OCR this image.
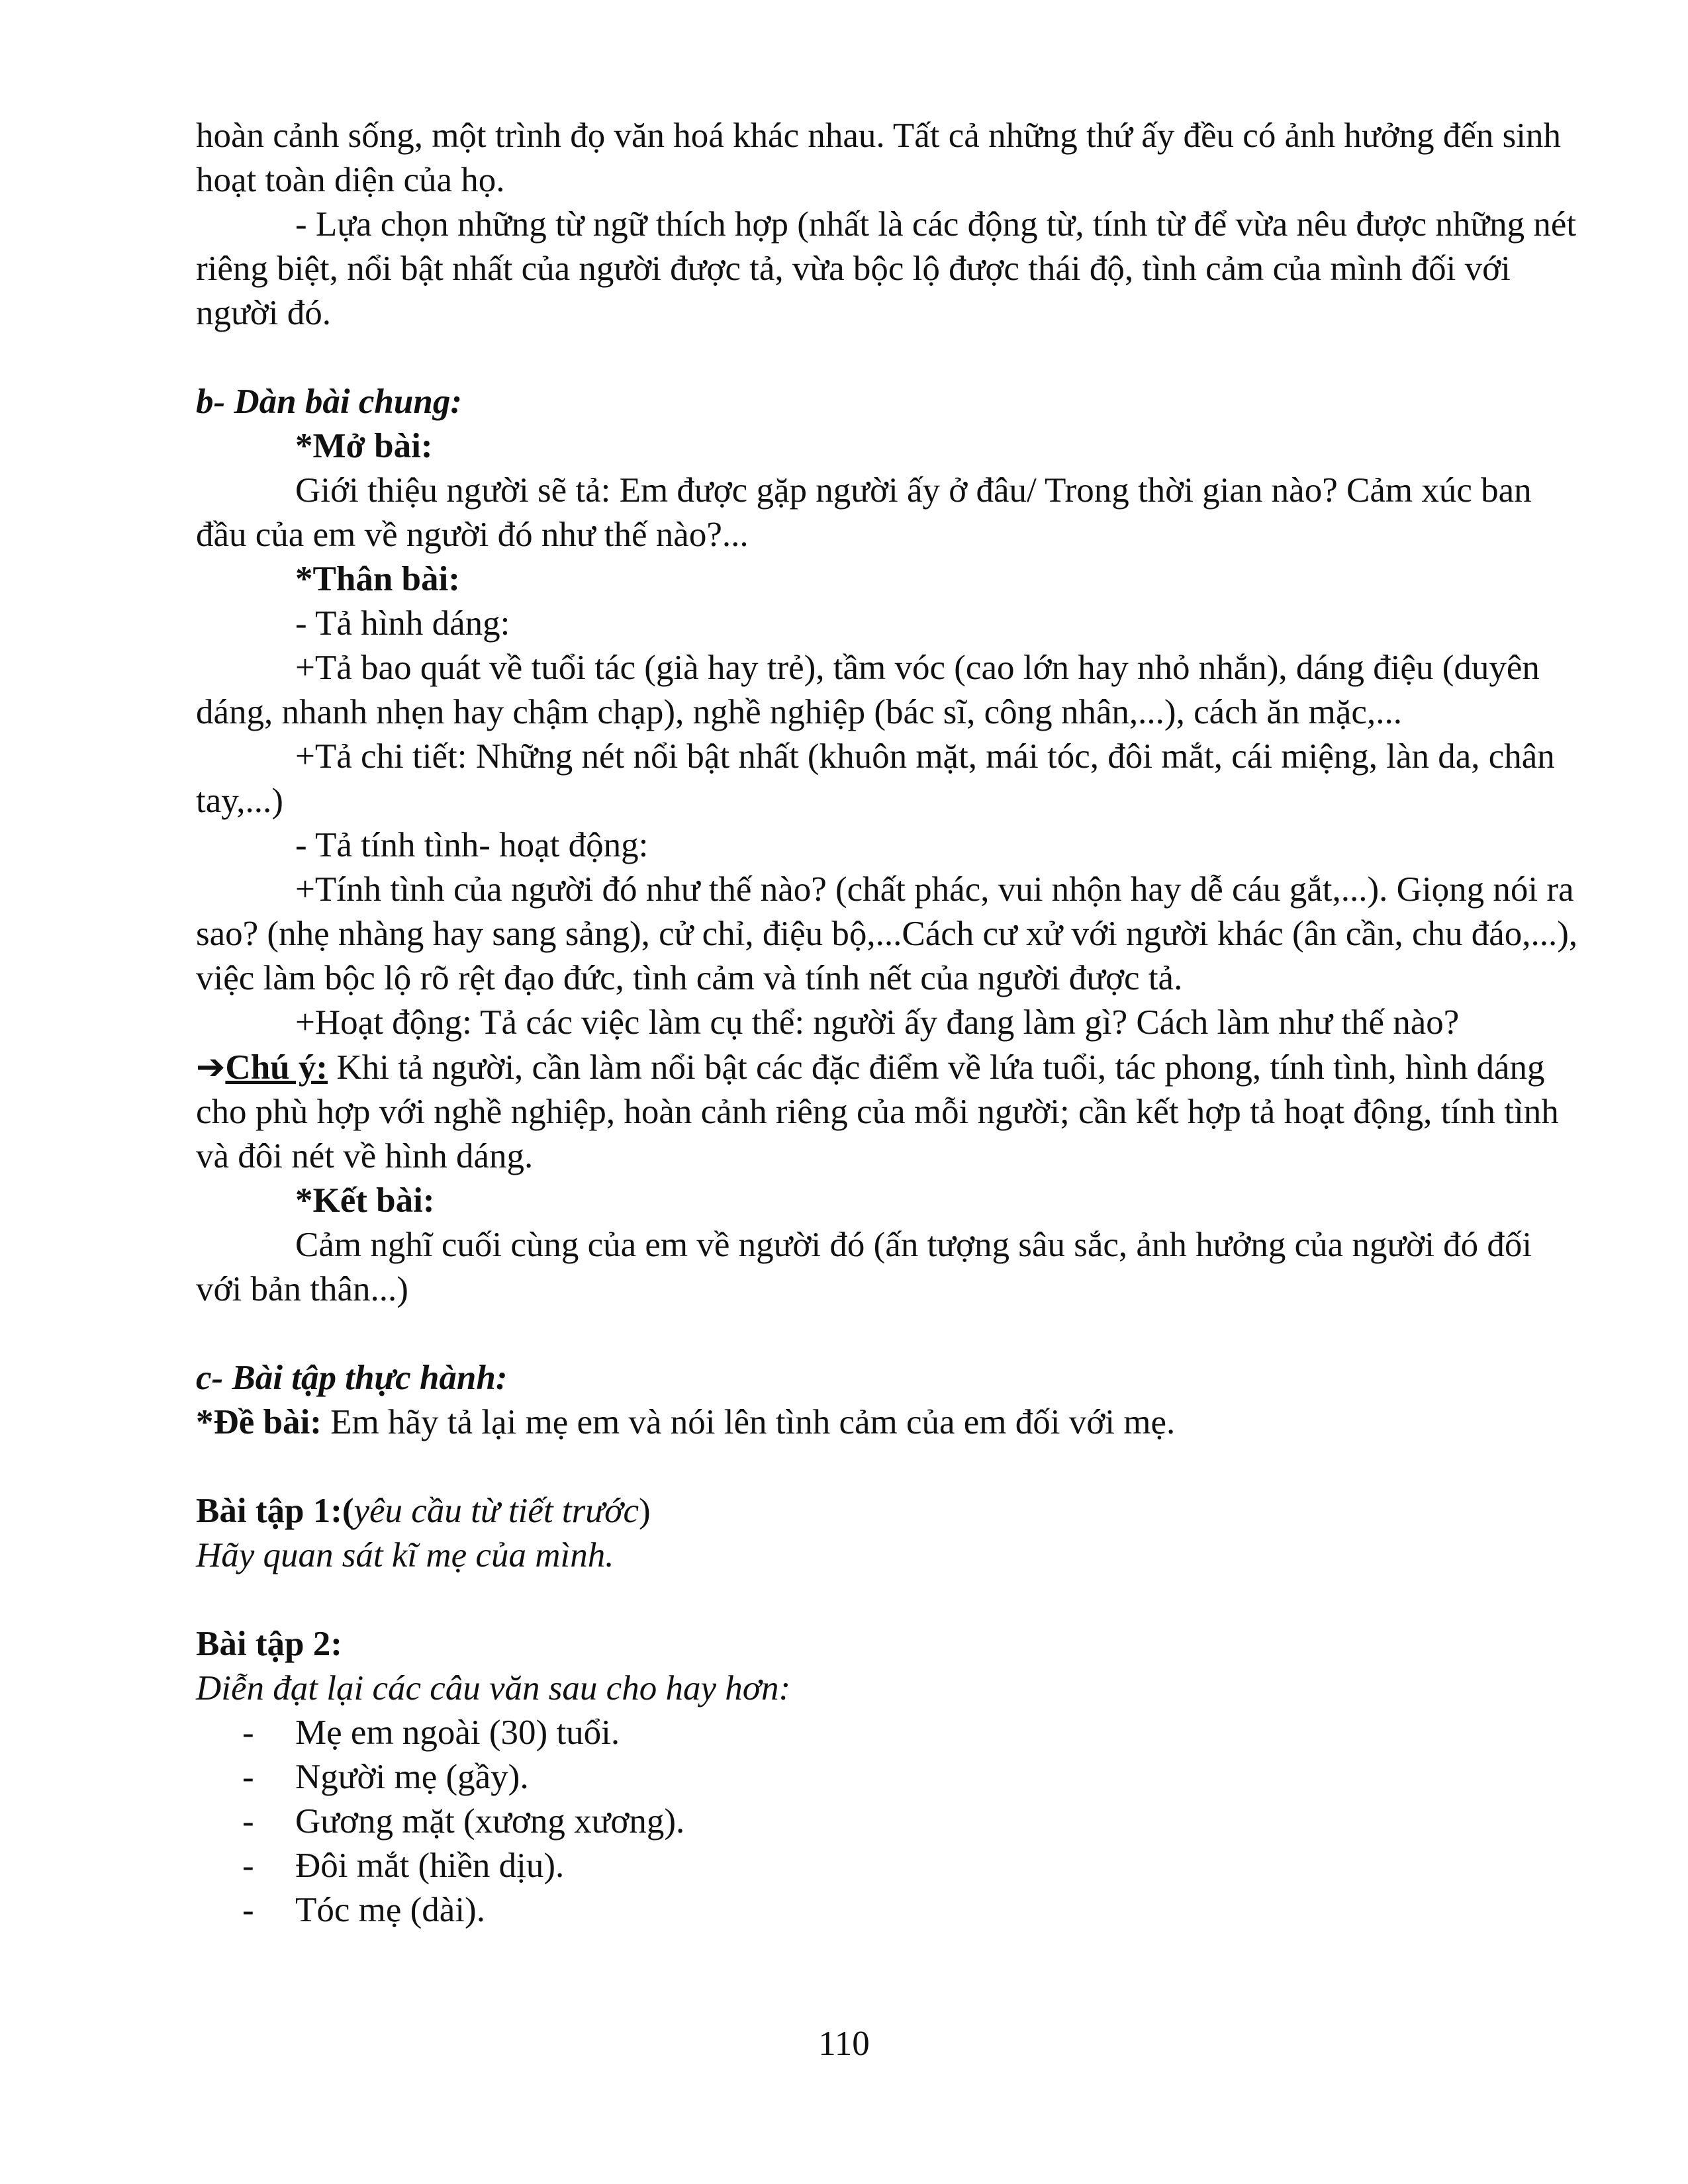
hoàn cảnh sống, một trình đọ văn hoá khác nhau. Tất cả những thứ ấy đều có ảnh hưởng đến sinh hoạt toàn diện của họ.

- Lựa chọn những từ ngữ thích hợp (nhất là các động từ, tính từ để vừa nêu được những nét riêng biệt, nổi bật nhất của người được tả, vừa bộc lộ được thái độ, tình cảm của mình đối với người đó.

b- Dàn bài chung:

*Mở bài:

Giới thiệu người sẽ tả: Em được gặp người ấy ở đâu/ Trong thời gian nào? Cảm xúc ban đầu của em về người đó như thế nào?...

*Thân bài:

- Tả hình dáng:

+Tả bao quát về tuổi tác (già hay trẻ), tầm vóc (cao lớn hay nhỏ nhắn), dáng điệu (duyên dáng, nhanh nhẹn hay chậm chạp), nghề nghiệp (bác sĩ, công nhân,...), cách ăn mặc,...

+Tả chi tiết: Những nét nổi bật nhất (khuôn mặt, mái tóc, đôi mắt, cái miệng, làn da, chân tay,...)

- Tả tính tình- hoạt động:

+Tính tình của người đó như thế nào? (chất phác, vui nhộn hay dễ cáu gắt,...). Giọng nói ra sao? (nhẹ nhàng hay sang sảng), cử chỉ, điệu bộ,...Cách cư xử với người khác (ân cần, chu đáo,...), việc làm bộc lộ rõ rệt đạo đức, tình cảm và tính nết của người được tả.

+Hoạt động: Tả các việc làm cụ thể: người ấy đang làm gì? Cách làm như thế nào?

➔Chú ý: Khi tả người, cần làm nổi bật các đặc điểm về lứa tuổi, tác phong, tính tình, hình dáng cho phù hợp với nghề nghiệp, hoàn cảnh riêng của mỗi người; cần kết hợp tả hoạt động, tính tình và đôi nét về hình dáng.

*Kết bài:

Cảm nghĩ cuối cùng của em về người đó (ấn tượng sâu sắc, ảnh hưởng của người đó đối với bản thân...)

c- Bài tập thực hành:

*Đề bài: Em hãy tả lại mẹ em và nói lên tình cảm của em đối với mẹ.

Bài tập 1:(yêu cầu từ tiết trước)

Hãy quan sát kĩ mẹ của mình.

Bài tập 2:

Diễn đạt lại các câu văn sau cho hay hơn:

- Mẹ em ngoài (30) tuổi.
- Người mẹ (gầy).
- Gương mặt (xương xương).
- Đôi mắt (hiền dịu).
- Tóc mẹ (dài).
110
